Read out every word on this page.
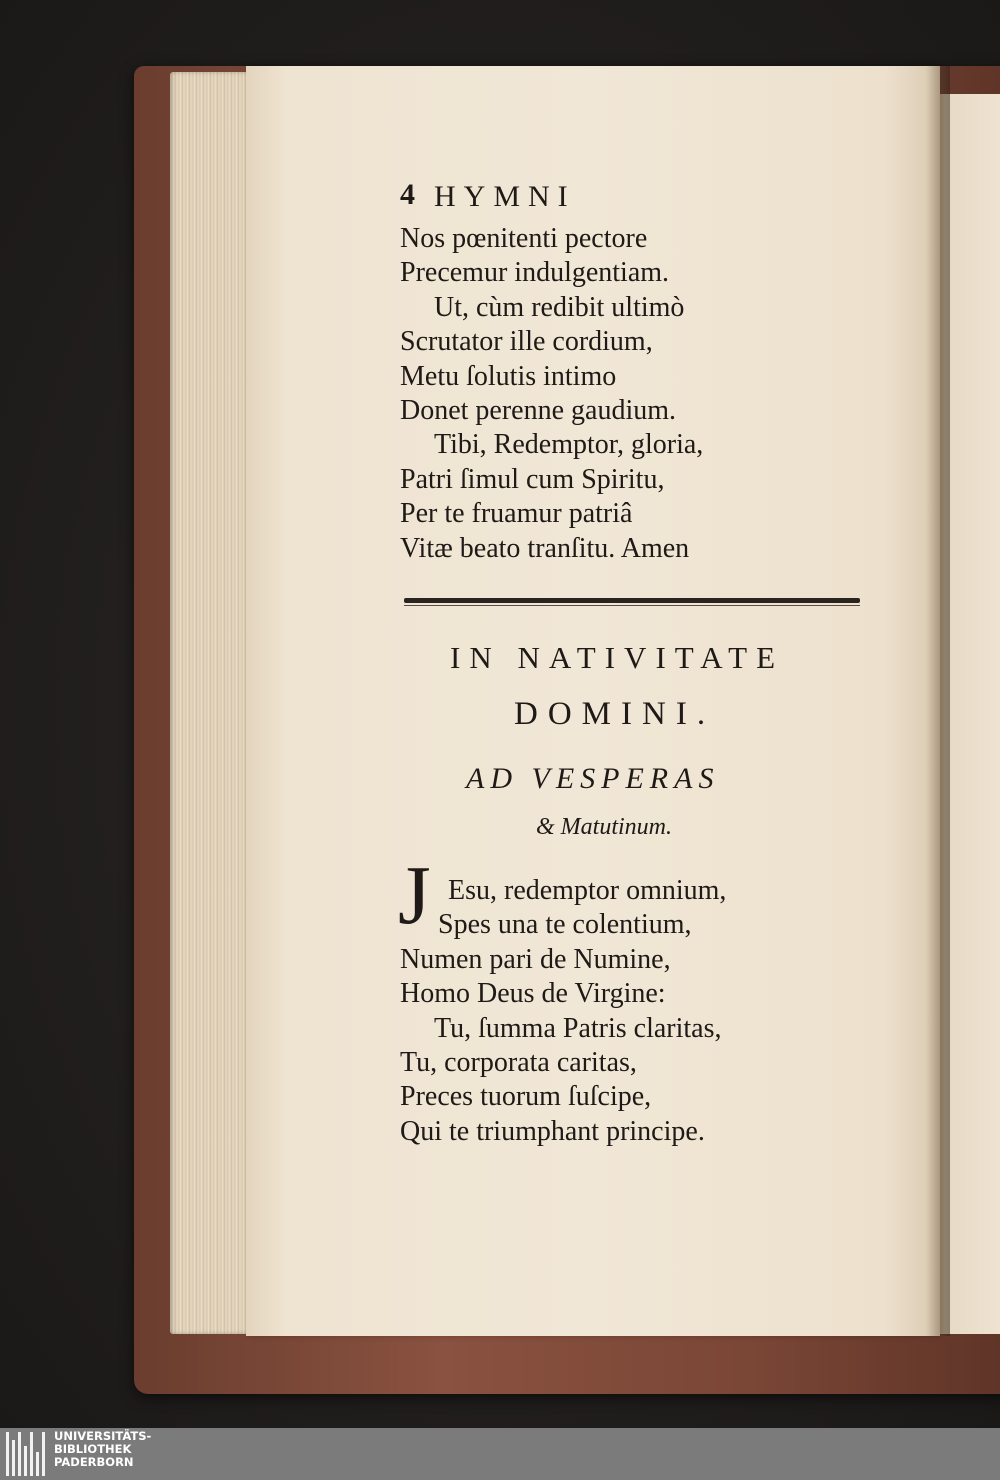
4 HYMNI
Nos pœnitenti pectore
Precemur indulgentiam.
Ut, cùm redibit ultimò
Scrutator ille cordium,
Metu ſolutis intimo
Donet perenne gaudium.
Tibi, Redemptor, gloria,
Patri ſimul cum Spiritu,
Per te fruamur patriâ
Vitæ beato tranſitu. Amen
IN NATIVITATE
DOMINI.
AD VESPERAS
& Matutinum.
J Esu, redemptor omnium,
Spes una te colentium,
Numen pari de Numine,
Homo Deus de Virgine:
Tu, ſumma Patris claritas,
Tu, corporata caritas,
Preces tuorum ſuſcipe,
Qui te triumphant principe.
UNIVERSITÄTS-
BIBLIOTHEK
PADERBORN
